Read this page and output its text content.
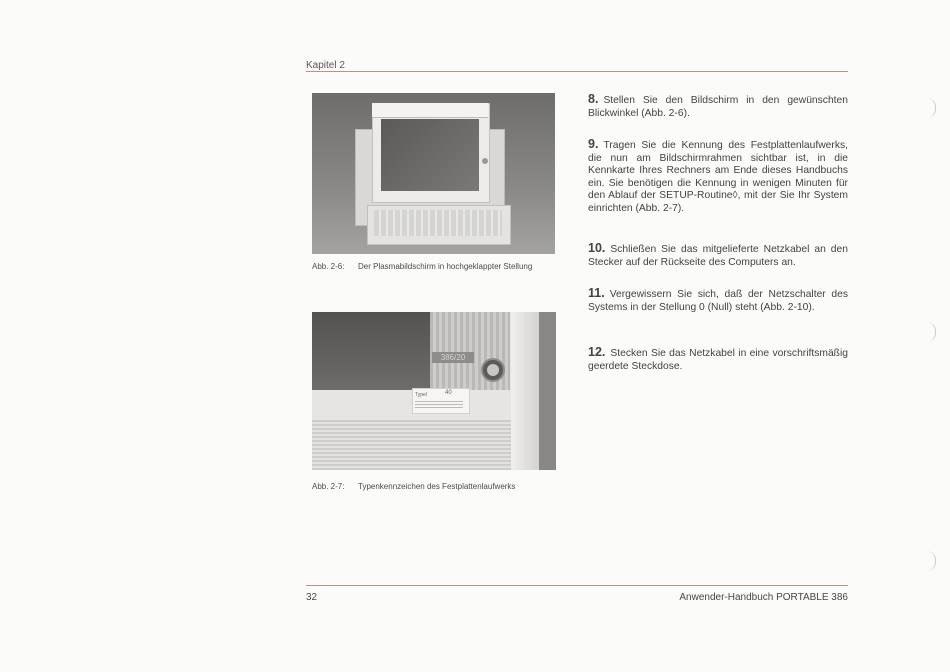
Kapitel 2
Abb. 2-6: Der Plasmabildschirm in hochgeklappter Stellung
386/20
Typel	40
Abb. 2-7: Typenkennzeichen des Festplattenlaufwerks
8. Stellen Sie den Bildschirm in den gewünschten Blickwinkel (Abb. 2-6).
9. Tragen Sie die Kennung des Festplattenlaufwerks, die nun am Bildschirmrahmen sichtbar ist, in die Kennkarte Ihres Rechners am Ende dieses Handbuchs ein. Sie benötigen die Kennung in wenigen Minuten für den Ablauf der SETUP-Routine◊, mit der Sie Ihr System einrichten (Abb. 2-7).
10. Schließen Sie das mitgelieferte Netzkabel an den Stecker auf der Rückseite des Computers an.
11. Vergewissern Sie sich, daß der Netzschalter des Systems in der Stellung 0 (Null) steht (Abb. 2-10).
12. Stecken Sie das Netzkabel in eine vorschriftsmäßig geerdete Steckdose.
32	Anwender-Handbuch PORTABLE 386
